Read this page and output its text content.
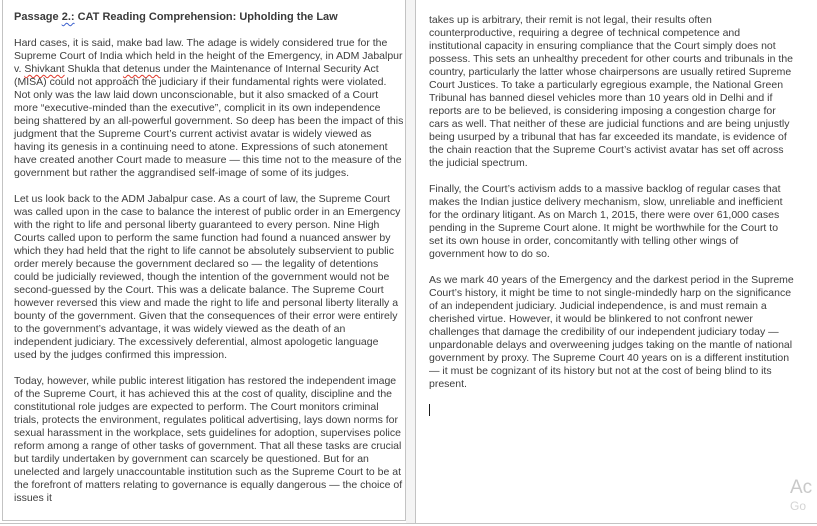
Passage 2.: CAT Reading Comprehension: Upholding the Law

Hard cases, it is said, make bad law. The adage is widely considered true for the Supreme Court of India which held in the height of the Emergency, in ADM Jabalpur v. Shivkant Shukla that detenus under the Maintenance of Internal Security Act (MISA) could not approach the judiciary if their fundamental rights were violated. Not only was the law laid down unconscionable, but it also smacked of a Court more “executive-minded than the executive”, complicit in its own independence being shattered by an all-powerful government. So deep has been the impact of this judgment that the Supreme Court’s current activist avatar is widely viewed as having its genesis in a continuing need to atone. Expressions of such atonement have created another Court made to measure — this time not to the measure of the government but rather the aggrandised self-image of some of its judges.

Let us look back to the ADM Jabalpur case. As a court of law, the Supreme Court was called upon in the case to balance the interest of public order in an Emergency with the right to life and personal liberty guaranteed to every person. Nine High Courts called upon to perform the same function had found a nuanced answer by which they had held that the right to life cannot be absolutely subservient to public order merely because the government declared so — the legality of detentions could be judicially reviewed, though the intention of the government would not be second-guessed by the Court. This was a delicate balance. The Supreme Court however reversed this view and made the right to life and personal liberty literally a bounty of the government. Given that the consequences of their error were entirely to the government’s advantage, it was widely viewed as the death of an independent judiciary. The excessively deferential, almost apologetic language used by the judges confirmed this impression.

Today, however, while public interest litigation has restored the independent image of the Supreme Court, it has achieved this at the cost of quality, discipline and the constitutional role judges are expected to perform. The Court monitors criminal trials, protects the environment, regulates political advertising, lays down norms for sexual harassment in the workplace, sets guidelines for adoption, supervises police reform among a range of other tasks of government. That all these tasks are crucial but tardily undertaken by government can scarcely be questioned. But for an unelected and largely unaccountable institution such as the Supreme Court to be at the forefront of matters relating to governance is equally dangerous — the choice of issues it

takes up is arbitrary, their remit is not legal, their results often counterproductive, requiring a degree of technical competence and institutional capacity in ensuring compliance that the Court simply does not possess. This sets an unhealthy precedent for other courts and tribunals in the country, particularly the latter whose chairpersons are usually retired Supreme Court Justices. To take a particularly egregious example, the National Green Tribunal has banned diesel vehicles more than 10 years old in Delhi and if reports are to be believed, is considering imposing a congestion charge for cars as well. That neither of these are judicial functions and are being unjustly being usurped by a tribunal that has far exceeded its mandate, is evidence of the chain reaction that the Supreme Court’s activist avatar has set off across the judicial spectrum.

Finally, the Court’s activism adds to a massive backlog of regular cases that makes the Indian justice delivery mechanism, slow, unreliable and inefficient for the ordinary litigant. As on March 1, 2015, there were over 61,000 cases pending in the Supreme Court alone. It might be worthwhile for the Court to set its own house in order, concomitantly with telling other wings of government how to do so.

As we mark 40 years of the Emergency and the darkest period in the Supreme Court’s history, it might be time to not single-mindedly harp on the significance of an independent judiciary. Judicial independence, is and must remain a cherished virtue. However, it would be blinkered to not confront newer challenges that damage the credibility of our independent judiciary today — unpardonable delays and overweening judges taking on the mantle of national government by proxy. The Supreme Court 40 years on is a different institution — it must be cognizant of its history but not at the cost of being blind to its present.

Ac
Go
